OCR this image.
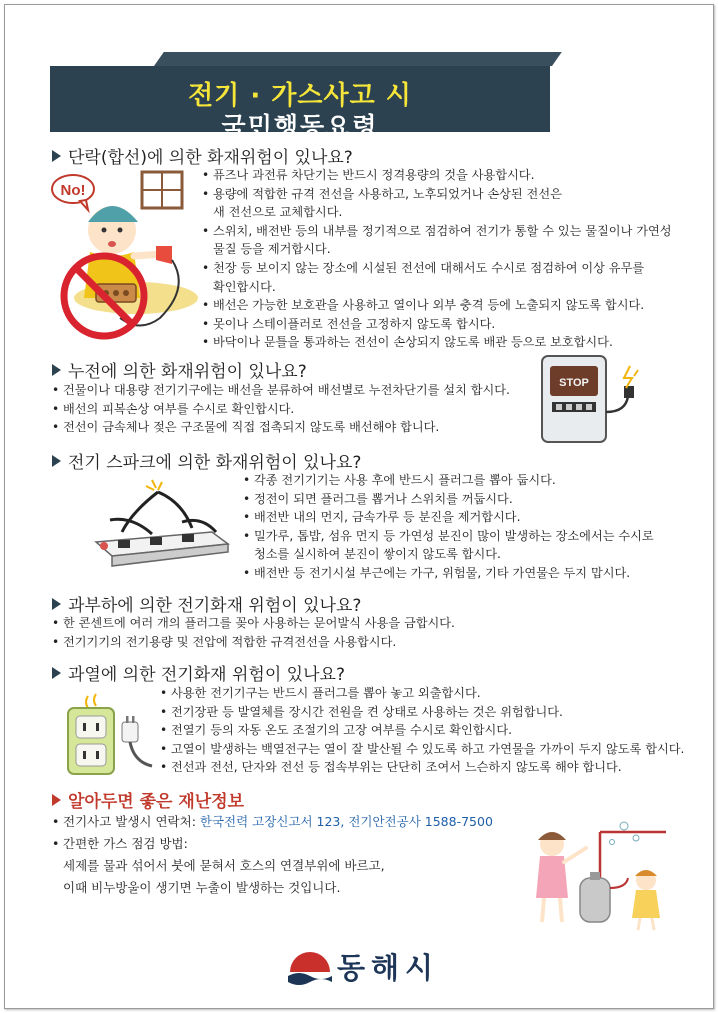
전기 · 가스사고 시
국민행동요령
단락(합선)에 의한 화재위험이 있나요?
No!
• 퓨즈나 과전류 차단기는 반드시 정격용량의 것을 사용합시다.
• 용량에 적합한 규격 전선을 사용하고, 노후되었거나 손상된 전선은
새 전선으로 교체합시다.
• 스위치, 배전반 등의 내부를 정기적으로 점검하여 전기가 통할 수 있는 물질이나 가연성
물질 등을 제거합시다.
• 천장 등 보이지 않는 장소에 시설된 전선에 대해서도 수시로 점검하여 이상 유무를
확인합시다.
• 배선은 가능한 보호관을 사용하고 열이나 외부 충격 등에 노출되지 않도록 합시다.
• 못이나 스테이플러로 전선을 고정하지 않도록 합시다.
• 바닥이나 문틀을 통과하는 전선이 손상되지 않도록 배관 등으로 보호합시다.
누전에 의한 화재위험이 있나요?
• 건물이나 대용량 전기기구에는 배선을 분류하여 배선별로 누전차단기를 설치 합시다.
• 배선의 피복손상 여부를 수시로 확인합시다.
• 전선이 금속체나 젖은 구조물에 직접 접촉되지 않도록 배선해야 합니다.
STOP
전기 스파크에 의한 화재위험이 있나요?
• 각종 전기기기는 사용 후에 반드시 플러그를 뽑아 둡시다.
• 정전이 되면 플러그를 뽑거나 스위치를 꺼둡시다.
• 배전반 내의 먼지, 금속가루 등 분진을 제거합시다.
• 밀가루, 톱밥, 섬유 먼지 등 가연성 분진이 많이 발생하는 장소에서는 수시로
청소를 실시하여 분진이 쌓이지 않도록 합시다.
• 배전반 등 전기시설 부근에는 가구, 위험물, 기타 가연물은 두지 맙시다.
과부하에 의한 전기화재 위험이 있나요?
• 한 콘센트에 여러 개의 플러그를 꽂아 사용하는 문어발식 사용을 금합시다.
• 전기기기의 전기용량 및 전압에 적합한 규격전선을 사용합시다.
과열에 의한 전기화재 위험이 있나요?
• 사용한 전기기구는 반드시 플러그를 뽑아 놓고 외출합시다.
• 전기장판 등 발열체를 장시간 전원을 켠 상태로 사용하는 것은 위험합니다.
• 전열기 등의 자동 온도 조절기의 고장 여부를 수시로 확인합시다.
• 고열이 발생하는 백열전구는 열이 잘 발산될 수 있도록 하고 가연물을 가까이 두지 않도록 합시다.
• 전선과 전선, 단자와 전선 등 접속부위는 단단히 조여서 느슨하지 않도록 해야 합니다.
알아두면 좋은 재난정보
• 전기사고 발생시 연락처: 한국전력 고장신고서 123, 전기안전공사 1588-7500
• 간편한 가스 점검 방법:
세제를 물과 섞어서 붓에 묻혀서 호스의 연결부위에 바르고,
이때 비누방울이 생기면 누출이 발생하는 것입니다.
동해시
